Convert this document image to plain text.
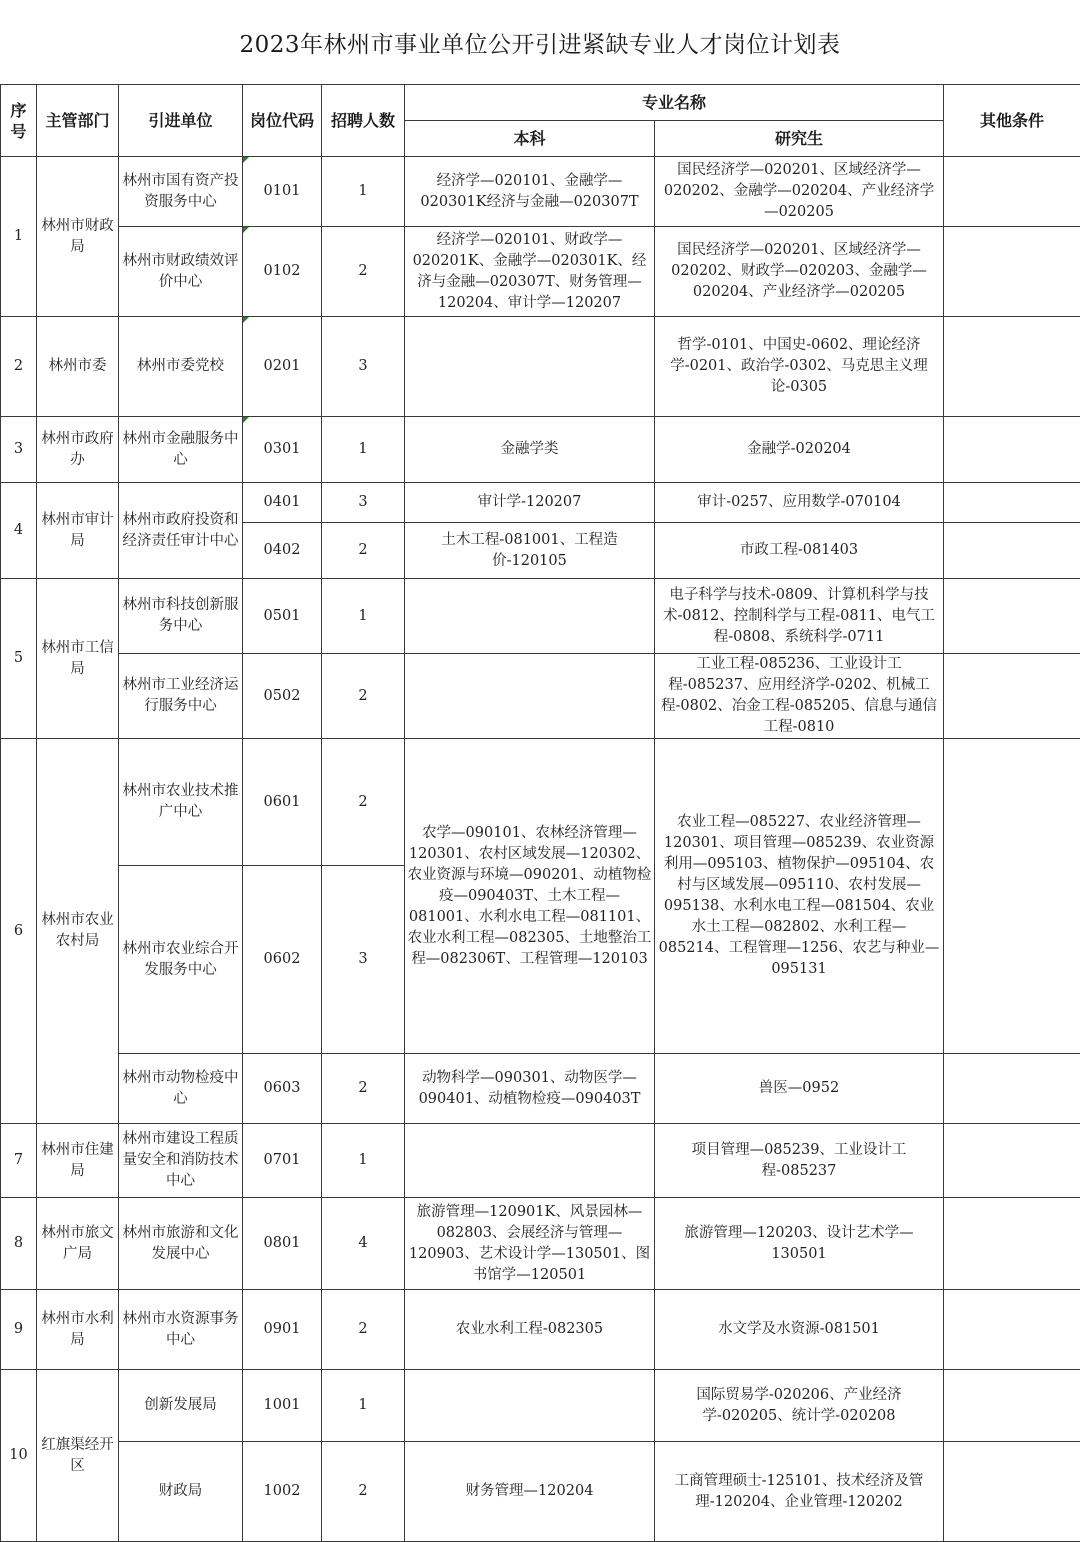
2023年林州市事业单位公开引进紧缺专业人才岗位计划表
序号	主管部门	引进单位	岗位代码	招聘人数	专业名称		其他条件
					本科	研究生	
1	林州市财政局	林州市国有资产投资服务中心	0101	1	经济学—020101、金融学—020301K经济与金融—020307T	国民经济学—020201、区域经济学—020202、金融学—020204、产业经济学—020205	
		林州市财政绩效评价中心	0102	2	经济学—020101、财政学—020201K、金融学—020301K、经济与金融—020307T、财务管理—120204、审计学—120207	国民经济学—020201、区域经济学—020202、财政学—020203、金融学—020204、产业经济学—020205	
2	林州市委	林州市委党校	0201	3		哲学-0101、中国史-0602、理论经济学-0201、政治学-0302、马克思主义理论-0305	
3	林州市政府办	林州市金融服务中心	0301	1	金融学类	金融学-020204	
4	林州市审计局	林州市政府投资和经济责任审计中心	0401	3	审计学-120207	审计-0257、应用数学-070104	
			0402	2	土木工程-081001、工程造价-120105	市政工程-081403	
5	林州市工信局	林州市科技创新服务中心	0501	1		电子科学与技术-0809、计算机科学与技术-0812、控制科学与工程-0811、电气工程-0808、系统科学-0711	
		林州市工业经济运行服务中心	0502	2		工业工程-085236、工业设计工程-085237、应用经济学-0202、机械工程-0802、冶金工程-085205、信息与通信工程-0810	
6	林州市农业农村局	林州市农业技术推广中心	0601	2	农学—090101、农林经济管理—120301、农村区域发展—120302、农业资源与环境—090201、动植物检疫—090403T、土木工程—081001、水利水电工程—081101、农业水利工程—082305、土地整治工程—082306T、工程管理—120103	农业工程—085227、农业经济管理—120301、项目管理—085239、农业资源利用—095103、植物保护—095104、农村与区域发展—095110、农村发展—095138、水利水电工程—081504、农业水土工程—082802、水利工程—085214、工程管理—1256、农艺与种业—095131	
		林州市农业综合开发服务中心	0602	3			
		林州市动物检疫中心	0603	2	动物科学—090301、动物医学—090401、动植物检疫—090403T	兽医—0952	
7	林州市住建局	林州市建设工程质量安全和消防技术中心	0701	1		项目管理—085239、工业设计工程-085237	
8	林州市旅文广局	林州市旅游和文化发展中心	0801	4	旅游管理—120901K、风景园林—082803、会展经济与管理—120903、艺术设计学—130501、图书馆学—120501	旅游管理—120203、设计艺术学—130501	
9	林州市水利局	林州市水资源事务中心	0901	2	农业水利工程-082305	水文学及水资源-081501	
10	红旗渠经开区	创新发展局	1001	1		国际贸易学-020206、产业经济学-020205、统计学-020208	
		财政局	1002	2	财务管理—120204	工商管理硕士-125101、技术经济及管理-120204、企业管理-120202	
